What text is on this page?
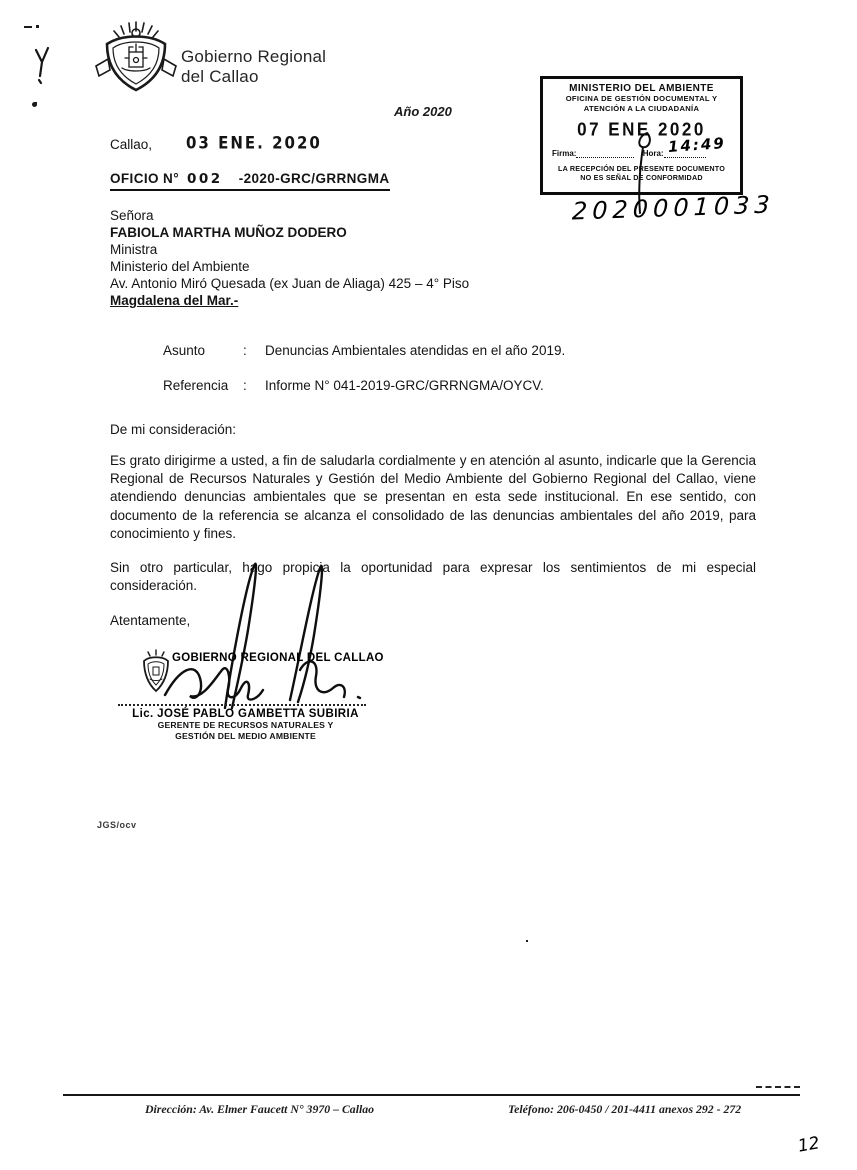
Gobierno Regional
del Callao
Año 2020
MINISTERIO DEL AMBIENTE
OFICINA DE GESTIÓN DOCUMENTAL Y
ATENCIÓN A LA CIUDADANÍA
07 ENE 2020
Firma:	Hora: 14:49
LA RECEPCIÓN DEL PRESENTE DOCUMENTO
NO ES SEÑAL DE CONFORMIDAD
2020001033
Callao, 03 ENE. 2020
OFICIO N° 002 -2020-GRC/GRRNGMA
Señora
FABIOLA MARTHA MUÑOZ DODERO
Ministra
Ministerio del Ambiente
Av. Antonio Miró Quesada (ex Juan de Aliaga) 425 – 4° Piso
Magdalena del Mar.-
Asunto	:	Denuncias Ambientales atendidas en el año 2019.
Referencia	:	Informe N° 041-2019-GRC/GRRNGMA/OYCV.
De mi consideración:
Es grato dirigirme a usted, a fin de saludarla cordialmente y en atención al asunto, indicarle que la Gerencia Regional de Recursos Naturales y Gestión del Medio Ambiente del Gobierno Regional del Callao, viene atendiendo denuncias ambientales que se presentan en esta sede institucional. En ese sentido, con documento de la referencia se alcanza el consolidado de las denuncias ambientales del año 2019, para conocimiento y fines.
Sin otro particular, hago propicia la oportunidad para expresar los sentimientos de mi especial consideración.
Atentamente,
GOBIERNO REGIONAL DEL CALLAO
Lic. JOSÉ PABLO GAMBETTA SUBIRIA
GERENTE DE RECURSOS NATURALES Y
GESTIÓN DEL MEDIO AMBIENTE
JGS/ocv
Dirección: Av. Elmer Faucett N° 3970 – Callao	Teléfono: 206-0450 / 201-4411 anexos 292 - 272
12
